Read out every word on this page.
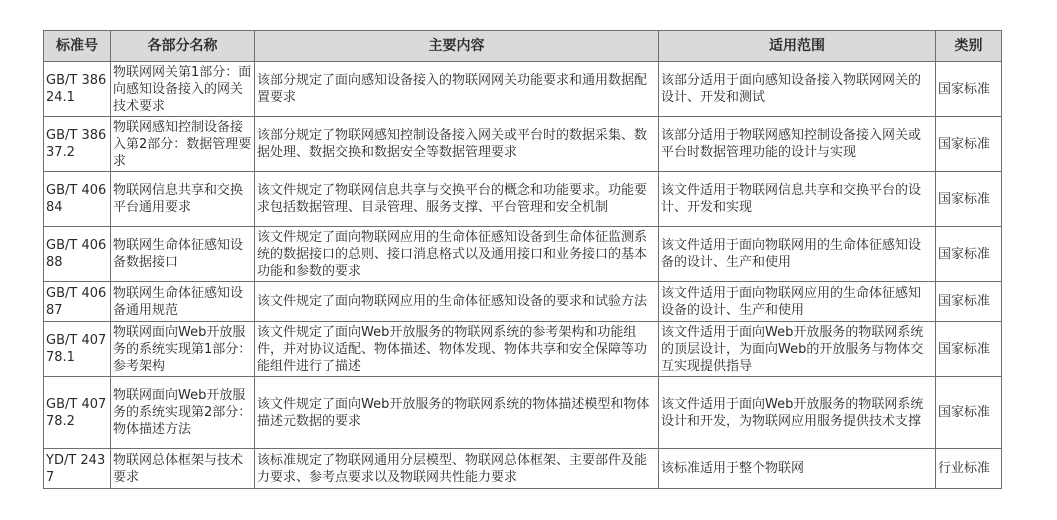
标准号	各部分名称	主要内容	适用范围	类别
GB/T 38624.1	物联网网关第1部分：面向感知设备接入的网关技术要求	该部分规定了面向感知设备接入的物联网网关功能要求和通用数据配置要求	该部分适用于面向感知设备接入物联网网关的设计、开发和测试	国家标准
GB/T 38637.2	物联网感知控制设备接入第2部分：数据管理要求	该部分规定了物联网感知控制设备接入网关或平台时的数据采集、数据处理、数据交换和数据安全等数据管理要求	该部分适用于物联网感知控制设备接入网关或平台时数据管理功能的设计与实现	国家标准
GB/T 40684	物联网信息共享和交换平台通用要求	该文件规定了物联网信息共享与交换平台的概念和功能要求。功能要求包括数据管理、目录管理、服务支撑、平台管理和安全机制	该文件适用于物联网信息共享和交换平台的设计、开发和实现	国家标准
GB/T 40688	物联网生命体征感知设备数据接口	该文件规定了面向物联网应用的生命体征感知设备到生命体征监测系统的数据接口的总则、接口消息格式以及通用接口和业务接口的基本功能和参数的要求	该文件适用于面向物联网用的生命体征感知设备的设计、生产和使用	国家标准
GB/T 40687	物联网生命体征感知设备通用规范	该文件规定了面向物联网应用的生命体征感知设备的要求和试验方法	该文件适用于面向物联网应用的生命体征感知设备的设计、生产和使用	国家标准
GB/T 40778.1	物联网面向Web开放服务的系统实现第1部分：参考架构	该文件规定了面向Web开放服务的物联网系统的参考架构和功能组件，并对协议适配、物体描述、物体发现、物体共享和安全保障等功能组件进行了描述	该文件适用于面向Web开放服务的物联网系统的顶层设计，为面向Web的开放服务与物体交互实现提供指导	国家标准
GB/T 40778.2	物联网面向Web开放服务的系统实现第2部分：物体描述方法	该文件规定了面向Web开放服务的物联网系统的物体描述模型和物体描述元数据的要求	该文件适用于面向Web开放服务的物联网系统设计和开发，为物联网应用服务提供技术支撑	国家标准
YD/T 2437	物联网总体框架与技术要求	该标准规定了物联网通用分层模型、物联网总体框架、主要部件及能力要求、参考点要求以及物联网共性能力要求	该标准适用于整个物联网	行业标准
